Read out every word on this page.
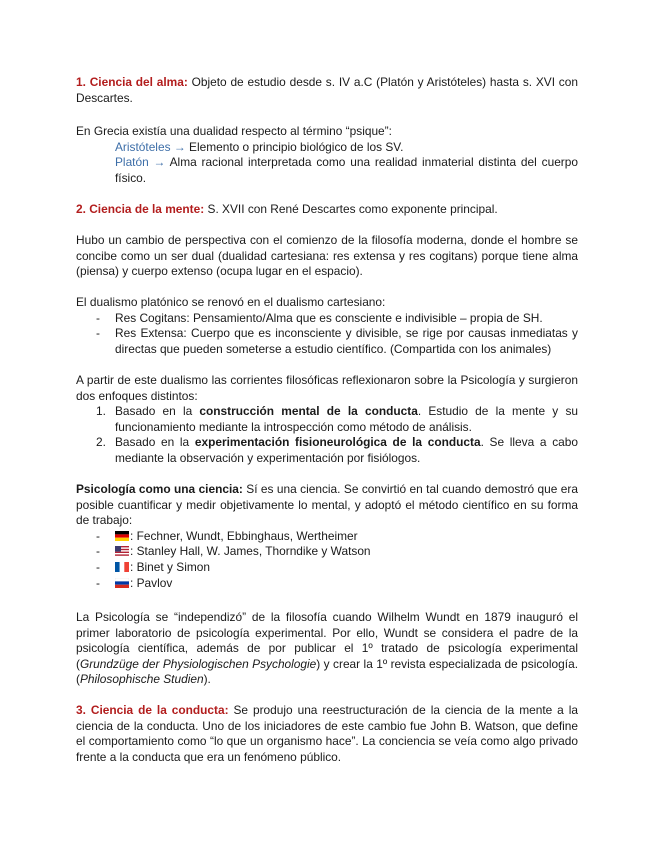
1. Ciencia del alma: Objeto de estudio desde s. IV a.C (Platón y Aristóteles) hasta s. XVI con Descartes.

En Grecia existía una dualidad respecto al término “psique”:

Aristóteles → Elemento o principio biológico de los SV.

Platón → Alma racional interpretada como una realidad inmaterial distinta del cuerpo físico.

2. Ciencia de la mente: S. XVII con René Descartes como exponente principal.

Hubo un cambio de perspectiva con el comienzo de la filosofía moderna, donde el hombre se concibe como un ser dual (dualidad cartesiana: res extensa y res cogitans) porque tiene alma (piensa) y cuerpo extenso (ocupa lugar en el espacio).

El dualismo platónico se renovó en el dualismo cartesiano:

- Res Cogitans: Pensamiento/Alma que es consciente e indivisible – propia de SH.
- Res Extensa: Cuerpo que es inconsciente y divisible, se rige por causas inmediatas y directas que pueden someterse a estudio científico. (Compartida con los animales)

A partir de este dualismo las corrientes filosóficas reflexionaron sobre la Psicología y surgieron dos enfoques distintos:

1. Basado en la construcción mental de la conducta. Estudio de la mente y su funcionamiento mediante la introspección como método de análisis.
2. Basado en la experimentación fisioneurológica de la conducta. Se lleva a cabo mediante la observación y experimentación por fisiólogos.

Psicología como una ciencia: Sí es una ciencia. Se convirtió en tal cuando demostró que era posible cuantificar y medir objetivamente lo mental, y adoptó el método científico en su forma de trabajo:

-	: Fechner, Wundt, Ebbinghaus, Wertheimer
-	: Stanley Hall, W. James, Thorndike y Watson
-	: Binet y Simon
-	: Pavlov

La Psicología se “independizó” de la filosofía cuando Wilhelm Wundt en 1879 inauguró el primer laboratorio de psicología experimental. Por ello, Wundt se considera el padre de la psicología científica, además de por publicar el 1º tratado de psicología experimental (Grundzüge der Physiologischen Psychologie) y crear la 1º revista especializada de psicología. (Philosophische Studien).

3. Ciencia de la conducta: Se produjo una reestructuración de la ciencia de la mente a la ciencia de la conducta. Uno de los iniciadores de este cambio fue John B. Watson, que define el comportamiento como “lo que un organismo hace”. La conciencia se veía como algo privado frente a la conducta que era un fenómeno público.
